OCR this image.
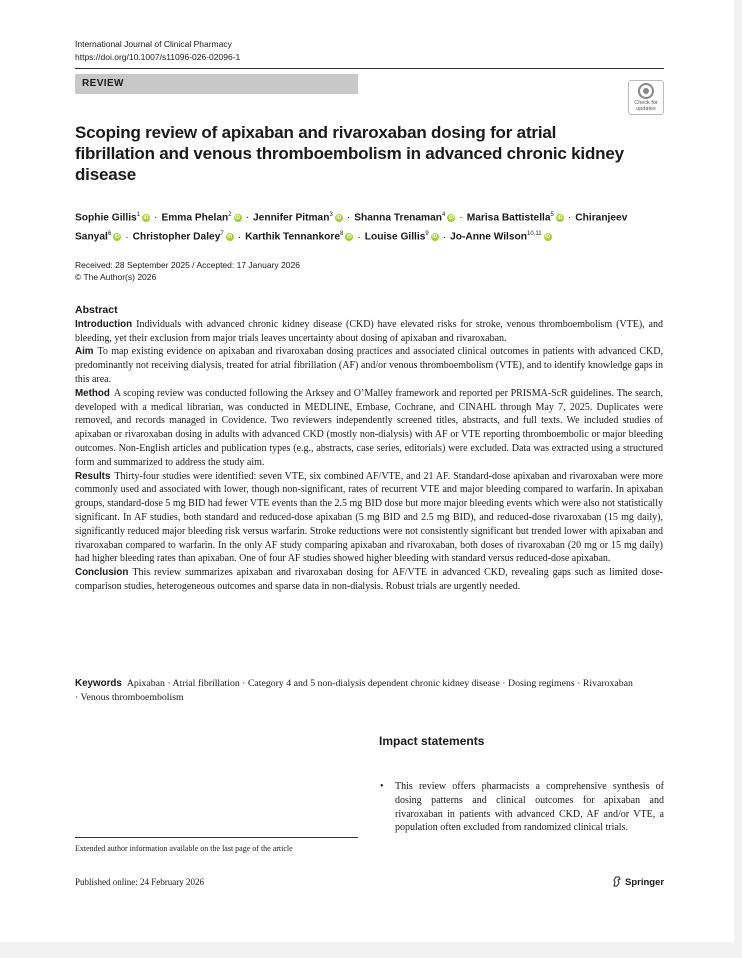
International Journal of Clinical Pharmacy
https://doi.org/10.1007/s11096-026-02096-1
REVIEW
Check for
updates
Scoping review of apixaban and rivaroxaban dosing for atrial fibrillation and venous thromboembolism in advanced chronic kidney disease
Sophie Gillis$^1$ iD · Emma Phelan$^2$ iD · Jennifer Pitman$^3$ iD · Shanna Trenaman$^4$ iD · Marisa Battistella$^5$ iD · Chiranjeev Sanyal$^6$ iD · Christopher Daley$^7$ iD · Karthik Tennankore$^8$ iD · Louise Gillis$^9$ iD · Jo-Anne Wilson$^{10,11}$ iD
Received: 28 September 2025 / Accepted: 17 January 2026
© The Author(s) 2026
Abstract

Introduction Individuals with advanced chronic kidney disease (CKD) have elevated risks for stroke, venous thromboembolism (VTE), and bleeding, yet their exclusion from major trials leaves uncertainty about dosing of apixaban and rivaroxaban.

Aim To map existing evidence on apixaban and rivaroxaban dosing practices and associated clinical outcomes in patients with advanced CKD, predominantly not receiving dialysis, treated for atrial fibrillation (AF) and/or venous thromboembolism (VTE), and to identify knowledge gaps in this area.

Method A scoping review was conducted following the Arksey and O’Malley framework and reported per PRISMA-ScR guidelines. The search, developed with a medical librarian, was conducted in MEDLINE, Embase, Cochrane, and CINAHL through May 7, 2025. Duplicates were removed, and records managed in Covidence. Two reviewers independently screened titles, abstracts, and full texts. We included studies of apixaban or rivaroxaban dosing in adults with advanced CKD (mostly non-dialysis) with AF or VTE reporting thromboembolic or major bleeding outcomes. Non-English articles and publication types (e.g., abstracts, case series, editorials) were excluded. Data was extracted using a structured form and summarized to address the study aim.

Results Thirty-four studies were identified: seven VTE, six combined AF/VTE, and 21 AF. Standard-dose apixaban and rivaroxaban were more commonly used and associated with lower, though non-significant, rates of recurrent VTE and major bleeding compared to warfarin. In apixaban groups, standard-dose 5 mg BID had fewer VTE events than the 2.5 mg BID dose but more major bleeding events which were also not statistically significant. In AF studies, both standard and reduced-dose apixaban (5 mg BID and 2.5 mg BID), and reduced-dose rivaroxaban (15 mg daily), significantly reduced major bleeding risk versus warfarin. Stroke reductions were not consistently significant but trended lower with apixaban and rivaroxaban compared to warfarin. In the only AF study comparing apixaban and rivaroxaban, both doses of rivaroxaban (20 mg or 15 mg daily) had higher bleeding rates than apixaban. One of four AF studies showed higher bleeding with standard versus reduced-dose apixaban.

Conclusion This review summarizes apixaban and rivaroxaban dosing for AF/VTE in advanced CKD, revealing gaps such as limited dose-comparison studies, heterogeneous outcomes and sparse data in non-dialysis. Robust trials are urgently needed.

Keywords Apixaban · Atrial fibrillation · Category 4 and 5 non-dialysis dependent chronic kidney disease · Dosing regimens · Rivaroxaban · Venous thromboembolism
Impact statements
• This review offers pharmacists a comprehensive synthesis of dosing patterns and clinical outcomes for apixaban and rivaroxaban in patients with advanced CKD, AF and/or VTE, a population often excluded from randomized clinical trials.
Extended author information available on the last page of the article
Published online: 24 February 2026	Springer
